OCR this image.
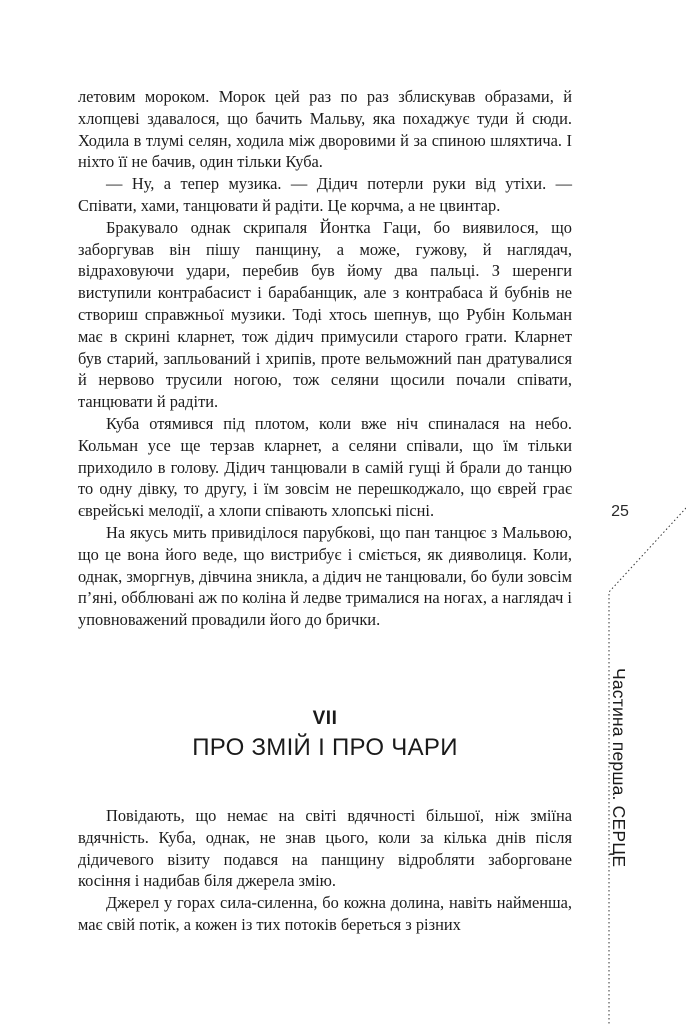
летовим мороком. Морок цей раз по раз зблискував образами, й хлопцеві здавалося, що бачить Мальву, яка похаджує туди й сюди. Ходила в тлумі селян, ходила між дворовими й за спиною шляхтича. І ніхто її не бачив, один тільки Куба.

— Ну, а тепер музика. — Дідич потерли руки від утіхи. — Співати, хами, танцювати й радіти. Це корчма, а не цвинтар.

Бракувало однак скрипаля Йонтка Гаци, бо виявилося, що заборгував він пішу панщину, а може, гужову, й наглядач, відраховуючи удари, перебив був йому два пальці. З шеренги виступили контрабасист і барабанщик, але з контрабаса й бубнів не створиш справжньої музики. Тоді хтось шепнув, що Рубін Кольман має в скрині кларнет, тож дідич примусили старого грати. Кларнет був старий, запльований і хрипів, проте вельможний пан дратувалися й нервово трусили ногою, тож селяни щосили почали співати, танцювати й радіти.

Куба отямився під плотом, коли вже ніч спиналася на небо. Кольман усе ще терзав кларнет, а селяни співали, що їм тільки приходило в голову. Дідич танцювали в самій гущі й брали до танцю то одну дівку, то другу, і їм зовсім не перешкоджало, що єврей грає єврейські мелодії, а хлопи співають хлопські пісні.

На якусь мить привиділося парубкові, що пан танцює з Мальвою, що це вона його веде, що вистрибує і сміється, як дияволиця. Коли, однак, зморгнув, дівчина зникла, а дідич не танцювали, бо були зовсім п’яні, обблювані аж по коліна й ледве трималися на ногах, а наглядач і уповноважений провадили його до брички.

VII
ПРО ЗМІЙ І ПРО ЧАРИ

Повідають, що немає на світі вдячності більшої, ніж зміїна вдячність. Куба, однак, не знав цього, коли за кілька днів після дідичевого візиту подався на панщину відробляти заборговане косіння і надибав біля джерела змію.

Джерел у горах сила-силенна, бо кожна долина, навіть найменша, має свій потік, а кожен із тих потоків береться з різних

25
Частина перша. СЕРЦЕ
